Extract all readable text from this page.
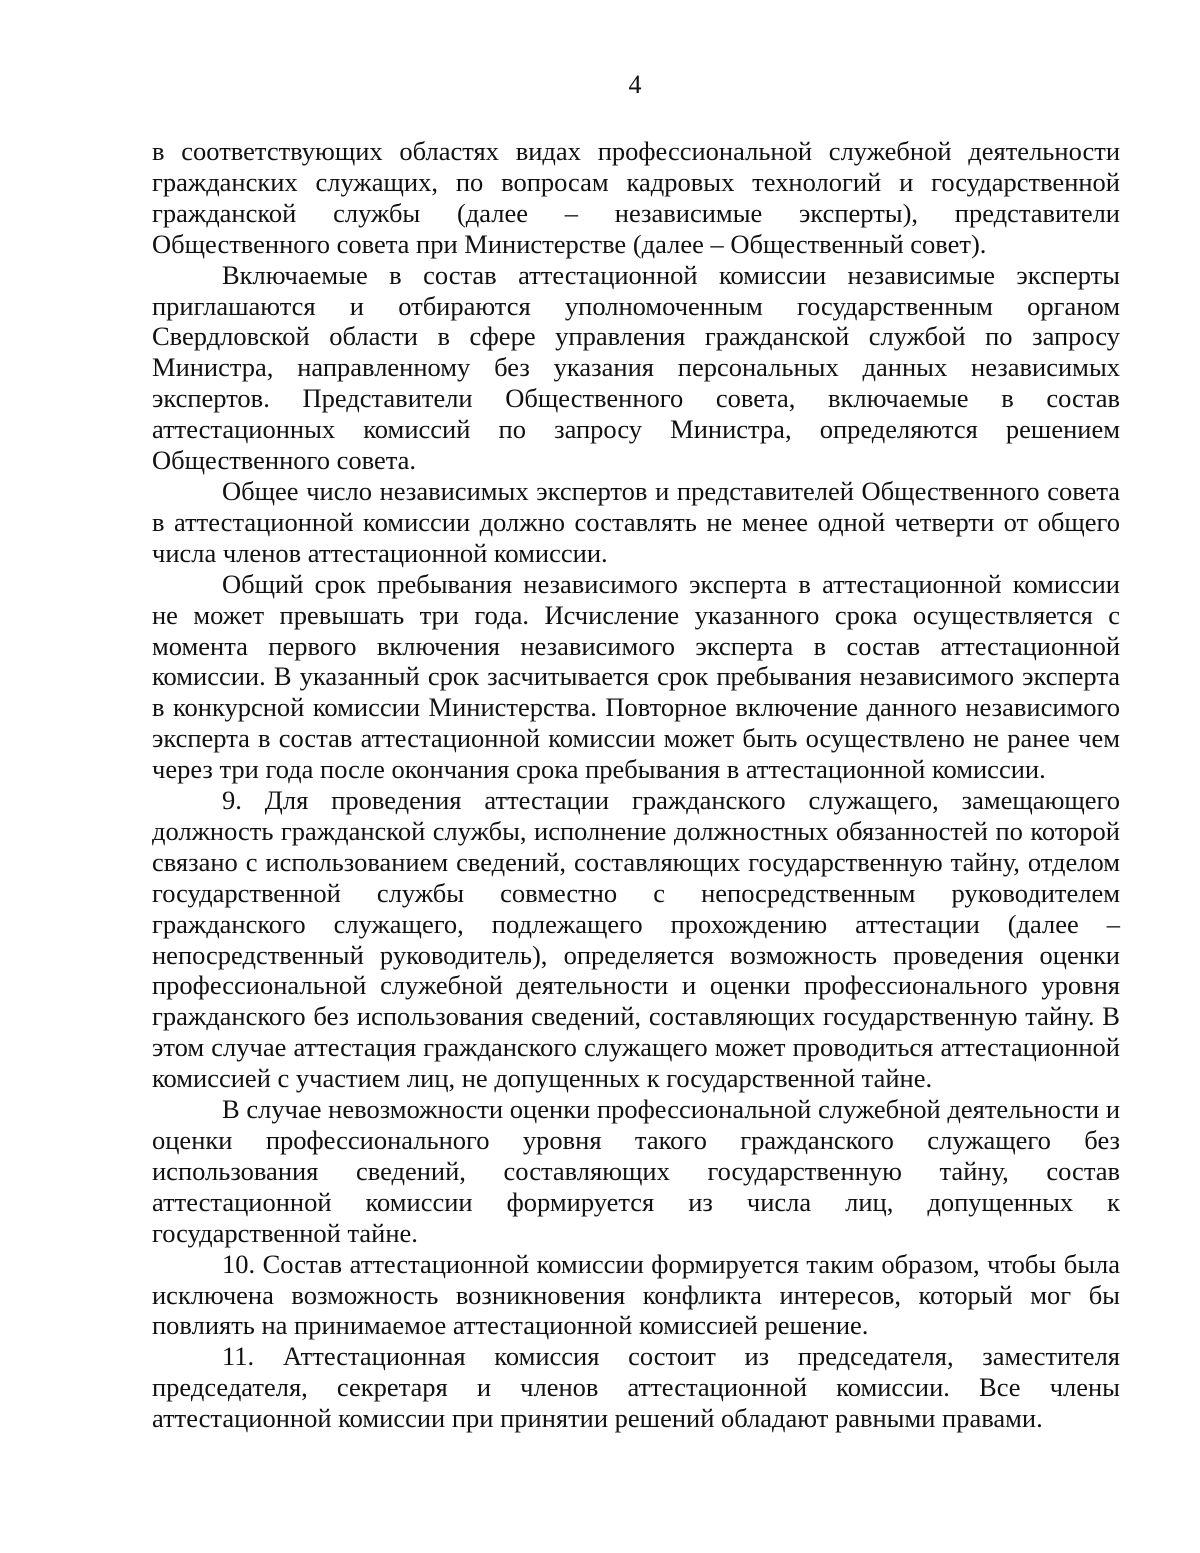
4

в соответствующих областях видах профессиональной служебной деятельности гражданских служащих, по вопросам кадровых технологий и государственной гражданской службы (далее – независимые эксперты), представители Общественного совета при Министерстве (далее – Общественный совет).

Включаемые в состав аттестационной комиссии независимые эксперты приглашаются и отбираются уполномоченным государственным органом Свердловской области в сфере управления гражданской службой по запросу Министра, направленному без указания персональных данных независимых экспертов. Представители Общественного совета, включаемые в состав аттестационных комиссий по запросу Министра, определяются решением Общественного совета.

Общее число независимых экспертов и представителей Общественного совета в аттестационной комиссии должно составлять не менее одной четверти от общего числа членов аттестационной комиссии.

Общий срок пребывания независимого эксперта в аттестационной комиссии не может превышать три года. Исчисление указанного срока осуществляется с момента первого включения независимого эксперта в состав аттестационной комиссии. В указанный срок засчитывается срок пребывания независимого эксперта в конкурсной комиссии Министерства. Повторное включение данного независимого эксперта в состав аттестационной комиссии может быть осуществлено не ранее чем через три года после окончания срока пребывания в аттестационной комиссии.

9. Для проведения аттестации гражданского служащего, замещающего должность гражданской службы, исполнение должностных обязанностей по которой связано с использованием сведений, составляющих государственную тайну, отделом государственной службы совместно с непосредственным руководителем гражданского служащего, подлежащего прохождению аттестации (далее – непосредственный руководитель), определяется возможность проведения оценки профессиональной служебной деятельности и оценки профессионального уровня гражданского без использования сведений, составляющих государственную тайну. В этом случае аттестация гражданского служащего может проводиться аттестационной комиссией с участием лиц, не допущенных к государственной тайне.

В случае невозможности оценки профессиональной служебной деятельности и оценки профессионального уровня такого гражданского служащего без использования сведений, составляющих государственную тайну, состав аттестационной комиссии формируется из числа лиц, допущенных к государственной тайне.

10. Состав аттестационной комиссии формируется таким образом, чтобы была исключена возможность возникновения конфликта интересов, который мог бы повлиять на принимаемое аттестационной комиссией решение.

11. Аттестационная комиссия состоит из председателя, заместителя председателя, секретаря и членов аттестационной комиссии. Все члены аттестационной комиссии при принятии решений обладают равными правами.
